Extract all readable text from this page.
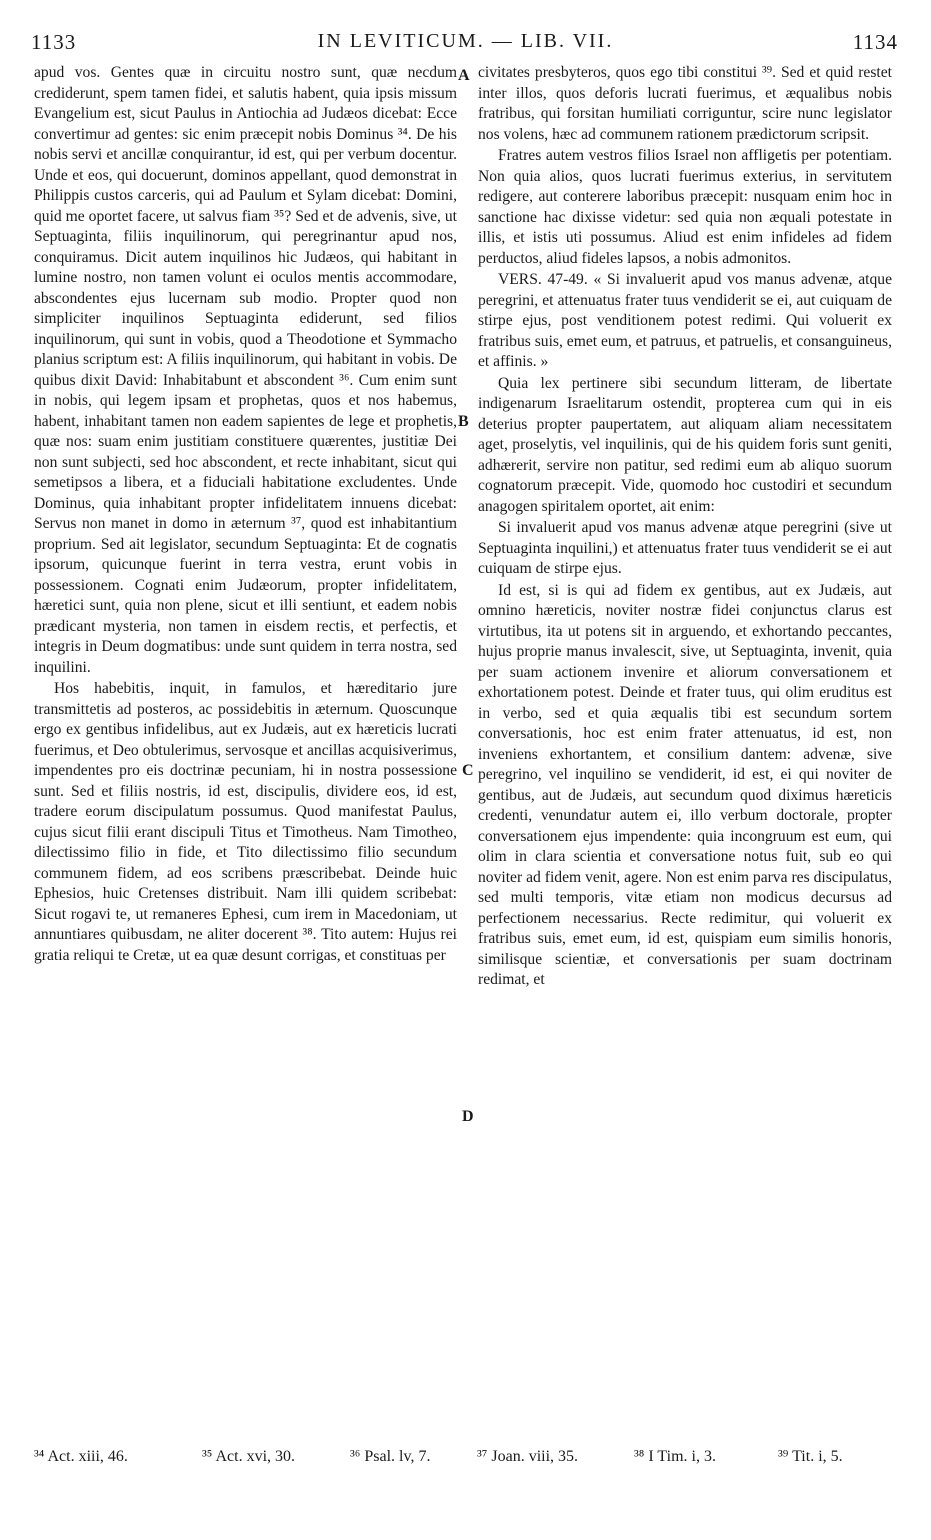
1133	IN LEVITICUM. — LIB. VII.	1134

apud vos. Gentes quæ in circuitu nostro sunt, quæ necdum crediderunt, spem tamen fidei, et salutis habent, quia ipsis missum Evangelium est, sicut Paulus in Antiochia ad Judæos dicebat: Ecce convertimur ad gentes: sic enim præcepit nobis Dominus ³⁴. De his nobis servi et ancillæ conquirantur, id est, qui per verbum docentur. Unde et eos, qui docuerunt, dominos appellant, quod demonstrat in Philippis custos carceris, qui ad Paulum et Sylam dicebat: Domini, quid me oportet facere, ut salvus fiam ³⁵? Sed et de advenis, sive, ut Septuaginta, filiis inquilinorum, qui peregrinantur apud nos, conquiramus. Dicit autem inquilinos hic Judæos, qui habitant in lumine nostro, non tamen volunt ei oculos mentis accommodare, abscondentes ejus lucernam sub modio. Propter quod non simpliciter inquilinos Septuaginta ediderunt, sed filios inquilinorum, qui sunt in vobis, quod a Theodotione et Symmacho planius scriptum est: A filiis inquilinorum, qui habitant in vobis. De quibus dixit David: Inhabitabunt et abscondent ³⁶. Cum enim sunt in nobis, qui legem ipsam et prophetas, quos et nos habemus, habent, inhabitant tamen non eadem sapientes de lege et prophetis, quæ nos: suam enim justitiam constituere quærentes, justitiæ Dei non sunt subjecti, sed hoc abscondent, et recte inhabitant, sicut qui semetipsos a libera, et a fiduciali habitatione excludentes. Unde Dominus, quia inhabitant propter infidelitatem innuens dicebat: Servus non manet in domo in æternum ³⁷, quod est inhabitantium proprium. Sed ait legislator, secundum Septuaginta: Et de cognatis ipsorum, quicunque fuerint in terra vestra, erunt vobis in possessionem. Cognati enim Judæorum, propter infidelitatem, hæretici sunt, quia non plene, sicut et illi sentiunt, et eadem nobis prædicant mysteria, non tamen in eisdem rectis, et perfectis, et integris in Deum dogmatibus: unde sunt quidem in terra nostra, sed inquilini.

Hos habebitis, inquit, in famulos, et hæreditario jure transmittetis ad posteros, ac possidebitis in æternum. Quoscunque ergo ex gentibus infidelibus, aut ex Judæis, aut ex hæreticis lucrati fuerimus, et Deo obtulerimus, servosque et ancillas acquisiverimus, impendentes pro eis doctrinæ pecuniam, hi in nostra possessione sunt. Sed et filiis nostris, id est, discipulis, dividere eos, id est, tradere eorum discipulatum possumus. Quod manifestat Paulus, cujus sicut filii erant discipuli Titus et Timotheus. Nam Timotheo, dilectissimo filio in fide, et Tito dilectissimo filio secundum communem fidem, ad eos scribens præscribebat. Deinde huic Ephesios, huic Cretenses distribuit. Nam illi quidem scribebat: Sicut rogavi te, ut remaneres Ephesi, cum irem in Macedoniam, ut annuntiares quibusdam, ne aliter docerent ³⁸. Tito autem: Hujus rei gratia reliqui te Cretæ, ut ea quæ desunt corrigas, et constituas per

A
B
C
D

civitates presbyteros, quos ego tibi constitui ³⁹. Sed et quid restet inter illos, quos deforis lucrati fuerimus, et æqualibus nobis fratribus, qui forsitan humiliati corriguntur, scire nunc legislator nos volens, hæc ad communem rationem prædictorum scripsit.

Fratres autem vestros filios Israel non affligetis per potentiam. Non quia alios, quos lucrati fuerimus exterius, in servitutem redigere, aut conterere laboribus præcepit: nusquam enim hoc in sanctione hac dixisse videtur: sed quia non æquali potestate in illis, et istis uti possumus. Aliud est enim infideles ad fidem perductos, aliud fideles lapsos, a nobis admonitos.

VERS. 47-49. « Si invaluerit apud vos manus advenæ, atque peregrini, et attenuatus frater tuus vendiderit se ei, aut cuiquam de stirpe ejus, post venditionem potest redimi. Qui voluerit ex fratribus suis, emet eum, et patruus, et patruelis, et consanguineus, et affinis. »

Quia lex pertinere sibi secundum litteram, de libertate indigenarum Israelitarum ostendit, propterea cum qui in eis deterius propter paupertatem, aut aliquam aliam necessitatem aget, proselytis, vel inquilinis, qui de his quidem foris sunt geniti, adhærerit, servire non patitur, sed redimi eum ab aliquo suorum cognatorum præcepit. Vide, quomodo hoc custodiri et secundum anagogen spiritalem oportet, ait enim:

Si invaluerit apud vos manus advenæ atque peregrini (sive ut Septuaginta inquilini,) et attenuatus frater tuus vendiderit se ei aut cuiquam de stirpe ejus.

Id est, si is qui ad fidem ex gentibus, aut ex Judæis, aut omnino hæreticis, noviter nostræ fidei conjunctus clarus est virtutibus, ita ut potens sit in arguendo, et exhortando peccantes, hujus proprie manus invalescit, sive, ut Septuaginta, invenit, quia per suam actionem invenire et aliorum conversationem et exhortationem potest. Deinde et frater tuus, qui olim eruditus est in verbo, sed et quia æqualis tibi est secundum sortem conversationis, hoc est enim frater attenuatus, id est, non inveniens exhortantem, et consilium dantem: advenæ, sive peregrino, vel inquilino se vendiderit, id est, ei qui noviter de gentibus, aut de Judæis, aut secundum quod diximus hæreticis credenti, venundatur autem ei, illo verbum doctorale, propter conversationem ejus impendente: quia incongruum est eum, qui olim in clara scientia et conversatione notus fuit, sub eo qui noviter ad fidem venit, agere. Non est enim parva res discipulatus, sed multi temporis, vitæ etiam non modicus decursus ad perfectionem necessarius. Recte redimitur, qui voluerit ex fratribus suis, emet eum, id est, quispiam eum similis honoris, similisque scientiæ, et conversationis per suam doctrinam redimat, et

³⁴ Act. xiii, 46.	³⁵ Act. xvi, 30.	³⁶ Psal. lv, 7.	³⁷ Joan. viii, 35.	³⁸ I Tim. i, 3.	³⁹ Tit. i, 5.
